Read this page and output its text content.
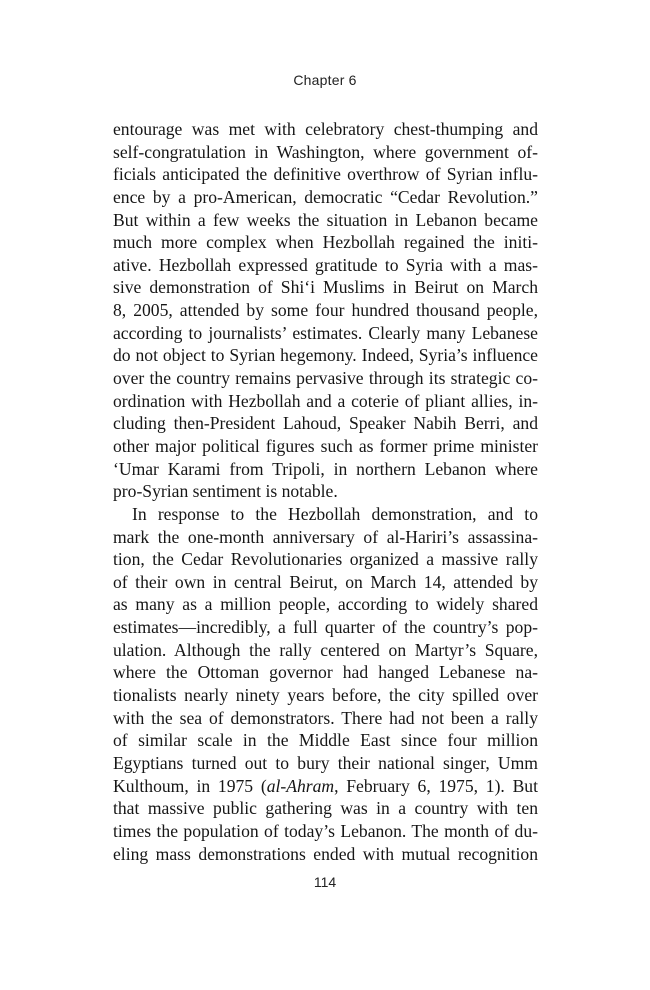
Chapter 6
entourage was met with celebratory chest-thumping and
self-congratulation in Washington, where government of-
ficials anticipated the definitive overthrow of Syrian influ-
ence by a pro-American, democratic “Cedar Revolution.”
But within a few weeks the situation in Lebanon became
much more complex when Hezbollah regained the initi-
ative. Hezbollah expressed gratitude to Syria with a mas-
sive demonstration of Shi‘i Muslims in Beirut on March
8, 2005, attended by some four hundred thousand people,
according to journalists’ estimates. Clearly many Lebanese
do not object to Syrian hegemony. Indeed, Syria’s influence
over the country remains pervasive through its strategic co-
ordination with Hezbollah and a coterie of pliant allies, in-
cluding then-President Lahoud, Speaker Nabih Berri, and
other major political figures such as former prime minister
‘Umar Karami from Tripoli, in northern Lebanon where
pro-Syrian sentiment is notable.
In response to the Hezbollah demonstration, and to
mark the one-month anniversary of al-Hariri’s assassina-
tion, the Cedar Revolutionaries organized a massive rally
of their own in central Beirut, on March 14, attended by
as many as a million people, according to widely shared
estimates—incredibly, a full quarter of the country’s pop-
ulation. Although the rally centered on Martyr’s Square,
where the Ottoman governor had hanged Lebanese na-
tionalists nearly ninety years before, the city spilled over
with the sea of demonstrators. There had not been a rally
of similar scale in the Middle East since four million
Egyptians turned out to bury their national singer, Umm
Kulthoum, in 1975 (al-Ahram, February 6, 1975, 1). But
that massive public gathering was in a country with ten
times the population of today’s Lebanon. The month of du-
eling mass demonstrations ended with mutual recognition
114
